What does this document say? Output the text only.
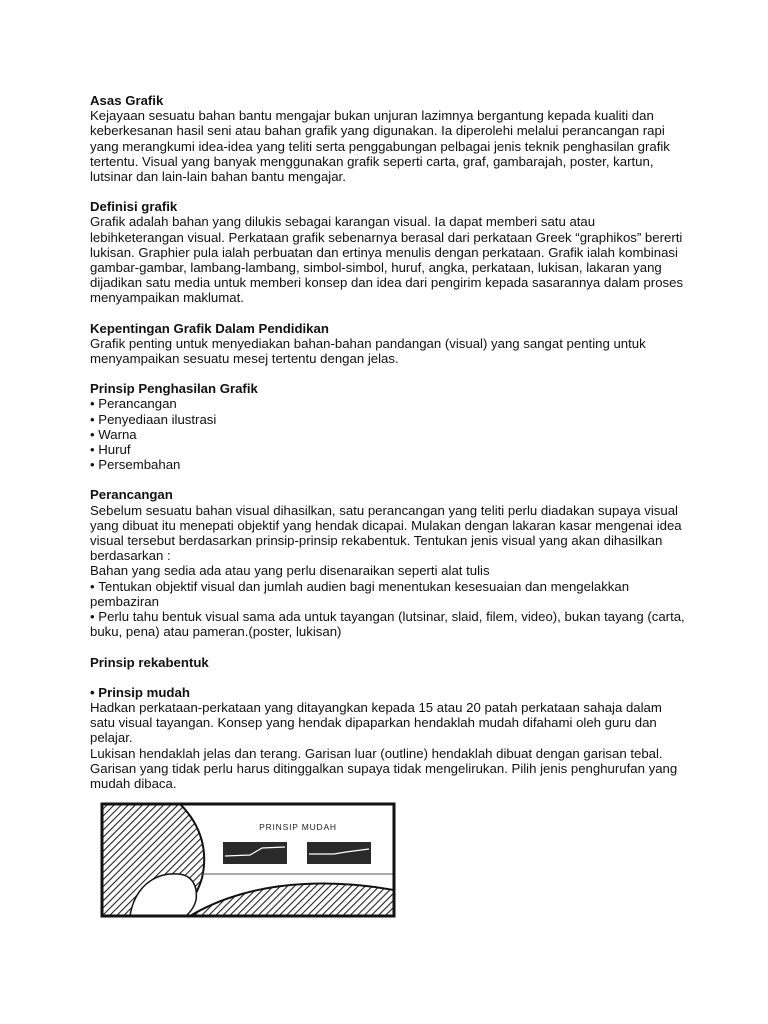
Asas Grafik

Kejayaan sesuatu bahan bantu mengajar bukan unjuran lazimnya bergantung kepada kualiti dan keberkesanan hasil seni atau bahan grafik yang digunakan. Ia diperolehi melalui perancangan rapi yang merangkumi idea-idea yang teliti serta penggabungan pelbagai jenis teknik penghasilan grafik tertentu. Visual yang banyak menggunakan grafik seperti carta, graf, gambarajah, poster, kartun, lutsinar dan lain-lain bahan bantu mengajar.

Definisi grafik

Grafik adalah bahan yang dilukis sebagai karangan visual. Ia dapat memberi satu atau lebihketerangan visual. Perkataan grafik sebenarnya berasal dari perkataan Greek “graphikos” bererti lukisan. Graphier pula ialah perbuatan dan ertinya menulis dengan perkataan. Grafik ialah kombinasi gambar-gambar, lambang-lambang, simbol-simbol, huruf, angka, perkataan, lukisan, lakaran yang dijadikan satu media untuk memberi konsep dan idea dari pengirim kepada sasarannya dalam proses menyampaikan maklumat.

Kepentingan Grafik Dalam Pendidikan

Grafik penting untuk menyediakan bahan-bahan pandangan (visual) yang sangat penting untuk menyampaikan sesuatu mesej tertentu dengan jelas.

Prinsip Penghasilan Grafik
• Perancangan
• Penyediaan ilustrasi
• Warna
• Huruf
• Persembahan
Perancangan

Sebelum sesuatu bahan visual dihasilkan, satu perancangan yang teliti perlu diadakan supaya visual yang dibuat itu menepati objektif yang hendak dicapai. Mulakan dengan lakaran kasar mengenai idea visual tersebut berdasarkan prinsip-prinsip rekabentuk. Tentukan jenis visual yang akan dihasilkan berdasarkan :

Bahan yang sedia ada atau yang perlu disenaraikan seperti alat tulis

• Tentukan objektif visual dan jumlah audien bagi menentukan kesesuaian dan mengelakkan pembaziran
• Perlu tahu bentuk visual sama ada untuk tayangan (lutsinar, slaid, filem, video), bukan tayang (carta, buku, pena) atau pameran.(poster, lukisan)
Prinsip rekabentuk
• Prinsip mudah

Hadkan perkataan-perkataan yang ditayangkan kepada 15 atau 20 patah perkataan sahaja dalam satu visual tayangan. Konsep yang hendak dipaparkan hendaklah mudah difahami oleh guru dan pelajar.

Lukisan hendaklah jelas dan terang. Garisan luar (outline) hendaklah dibuat dengan garisan tebal. Garisan yang tidak perlu harus ditinggalkan supaya tidak mengelirukan. Pilih jenis penghurufan yang mudah dibaca.

PRINSIP MUDAH
